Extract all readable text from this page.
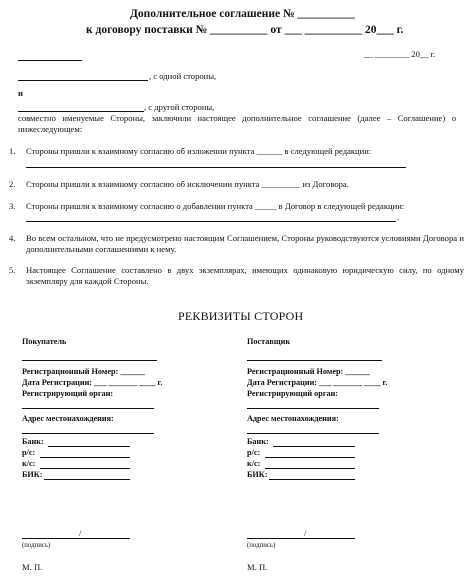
Дополнительное соглашение № __________
к договору поставки № __________ от ___ __________ 20___ г.
__ ________ 20__ г.
, с одной стороны,
и
, с другой стороны,
совместно именуемые Стороны, заключили настоящее дополнительное соглашение (далее – Соглашение) о нижеследующем:
1. Стороны пришли к взаимному согласию об изложении пункта ______ в следующей редакции:
2. Стороны пришли к взаимному согласию об исключении пункта _________ из Договора.
3. Стороны пришли к взаимному согласию о добавлении пункта _____ в Договор в следующей редакции:
.
4. Во всем остальном, что не предусмотрено настоящим Соглашением, Стороны руководствуются условиями Договора и дополнительными соглашениями к нему.
5. Настоящее Соглашение составлено в двух экземплярах, имеющих одинаковую юридическую силу, по одному экземпляру для каждой Стороны.
РЕКВИЗИТЫ СТОРОН
Покупатель
Регистрационный Номер: ______
Дата Регистрации: ___ _______ ____ г.
Регистрирующий орган:
Адрес местонахождения:
Банк:
р/с:
к/с:
БИК:
/
(подпись)
М. П.
Поставщик
Регистрационный Номер: ______
Дата Регистрации: ___ _______ ____ г.
Регистрирующий орган:
Адрес местонахождения:
Банк:
р/с:
к/с:
БИК:
/
(подпись)
М. П.
